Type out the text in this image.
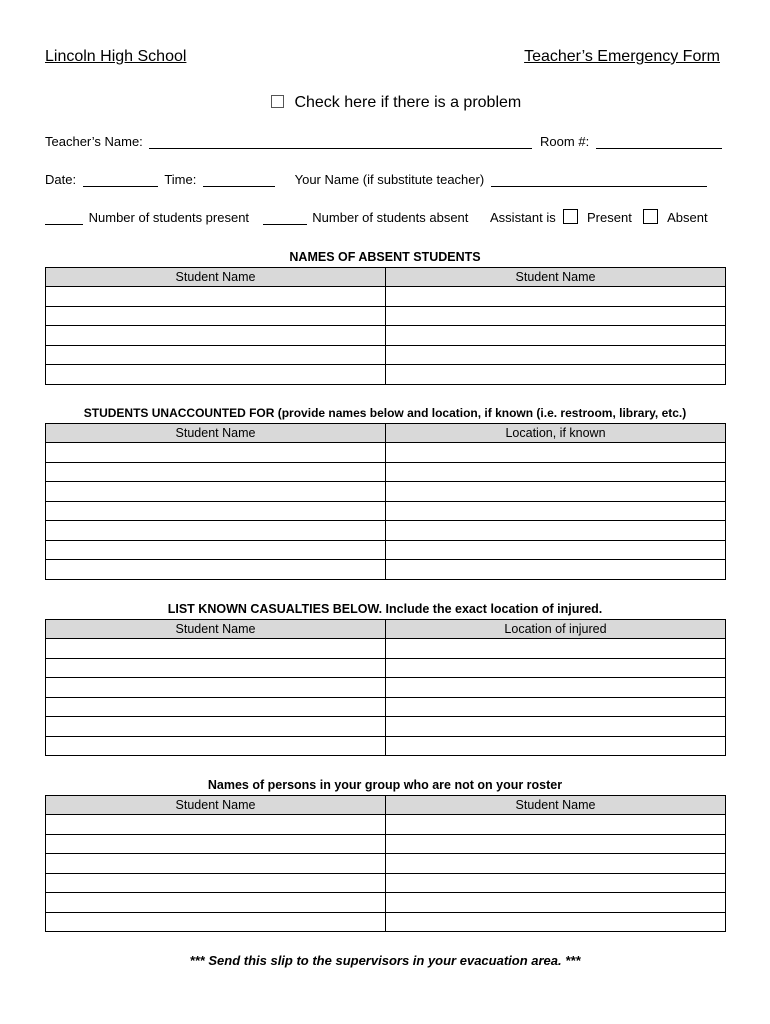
Lincoln High School	Teacher’s Emergency Form
Check here if there is a problem
Teacher’s Name:	Room #:
Date:	Time:	Your Name (if substitute teacher)
Number of students present	Number of students absent Assistant is Present	Absent
NAMES OF ABSENT STUDENTS
Student Name	Student Name

STUDENTS UNACCOUNTED FOR (provide names below and location, if known (i.e. restroom, library, etc.)
Student Name	Location, if known

LIST KNOWN CASUALTIES BELOW. Include the exact location of injured.
Student Name	Location of injured

Names of persons in your group who are not on your roster
Student Name	Student Name

*** Send this slip to the supervisors in your evacuation area. ***
